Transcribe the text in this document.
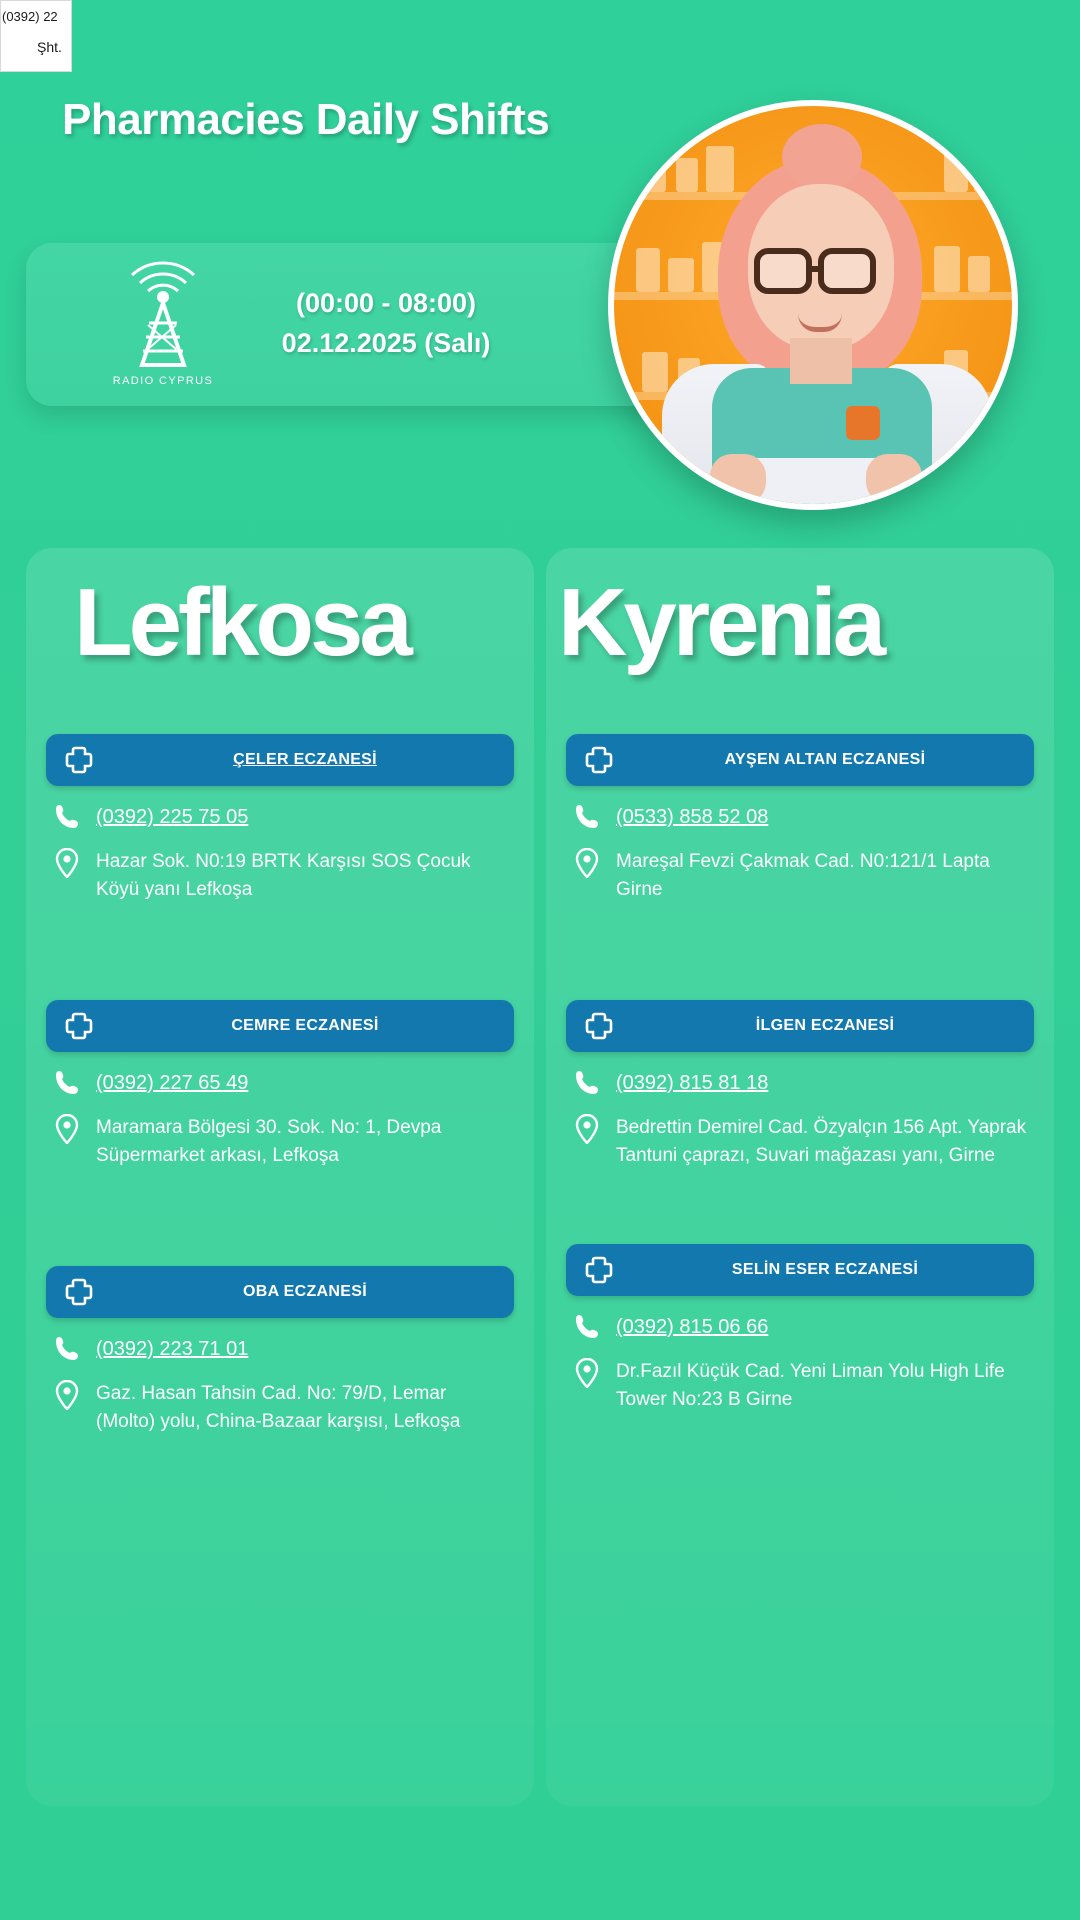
(0392) 22
Şht.
Pharmacies Daily Shifts
RADIO CYPRUS
(00:00 - 08:00)
02.12.2025 (Salı)
Lefkosa
ÇELER ECZANESİ
(0392) 225 75 05
Hazar Sok. N0:19 BRTK Karşısı SOS Çocuk Köyü yanı Lefkoşa
CEMRE ECZANESİ
(0392) 227 65 49
Maramara Bölgesi 30. Sok. No: 1, Devpa Süpermarket arkası, Lefkoşa
OBA ECZANESİ
(0392) 223 71 01
Gaz. Hasan Tahsin Cad. No: 79/D, Lemar (Molto) yolu, China-Bazaar karşısı, Lefkoşa
Kyrenia
AYŞEN ALTAN ECZANESİ
(0533) 858 52 08
Mareşal Fevzi Çakmak Cad. N0:121/1 Lapta Girne
İLGEN ECZANESİ
(0392) 815 81 18
Bedrettin Demirel Cad. Özyalçın 156 Apt. Yaprak Tantuni çaprazı, Suvari mağazası yanı, Girne
SELİN ESER ECZANESİ
(0392) 815 06 66
Dr.Fazıl Küçük Cad. Yeni Liman Yolu High Life Tower No:23 B Girne
